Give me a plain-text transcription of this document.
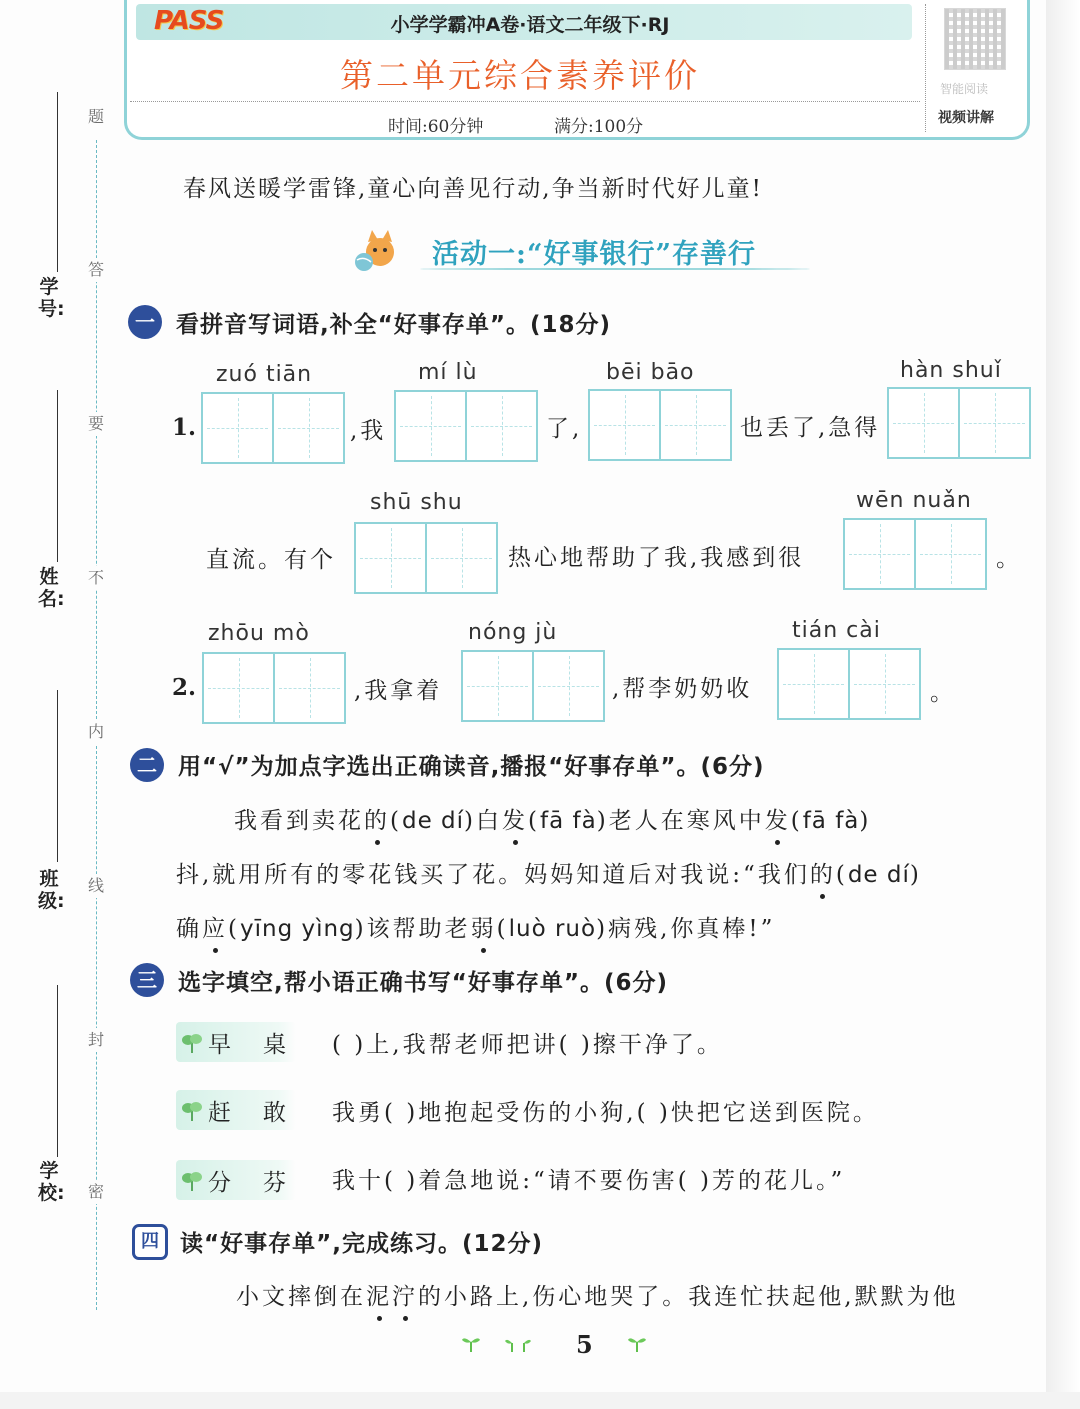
题
答
要
不
内
线
封
密
学号:
姓名:
班级:
学校:
PASS	小学学霸冲A卷·语文二年级下·RJ
第二单元综合素养评价
时间:60分钟	满分:100分
智能阅读
视频讲解
春风送暖学雷锋,童心向善见行动,争当新时代好儿童!
活动一:“好事银行”存善行
一 看拼音写词语,补全“好事存单”。(18分)
zuó tiān	mí lù	bēi bāo	hàn shuǐ
1.	,我	了,	也丢了,急得
shū shu	wēn nuǎn
直流。有个	热心地帮助了我,我感到很	。
zhōu mò	nóng jù	tián cài
2.	,我拿着	,帮李奶奶收	。
二 用“√”为加点字选出正确读音,播报“好事存单”。(6分)
我看到卖花的(de dí)白发(fā fà)老人在寒风中发(fā fà)
抖,就用所有的零花钱买了花。妈妈知道后对我说:“我们的(de dí)
确应(yīng yìng)该帮助老弱(luò ruò)病残,你真棒!”
三 选字填空,帮小语正确书写“好事存单”。(6分)
早 桌 ( )上,我帮老师把讲( )擦干净了。
赶 敢 我勇( )地抱起受伤的小狗,( )快把它送到医院。
分 芬 我十( )着急地说:“请不要伤害( )芳的花儿。”
四 读“好事存单”,完成练习。(12分)
小文摔倒在泥泞的小路上,伤心地哭了。我连忙扶起他,默默为他
5
